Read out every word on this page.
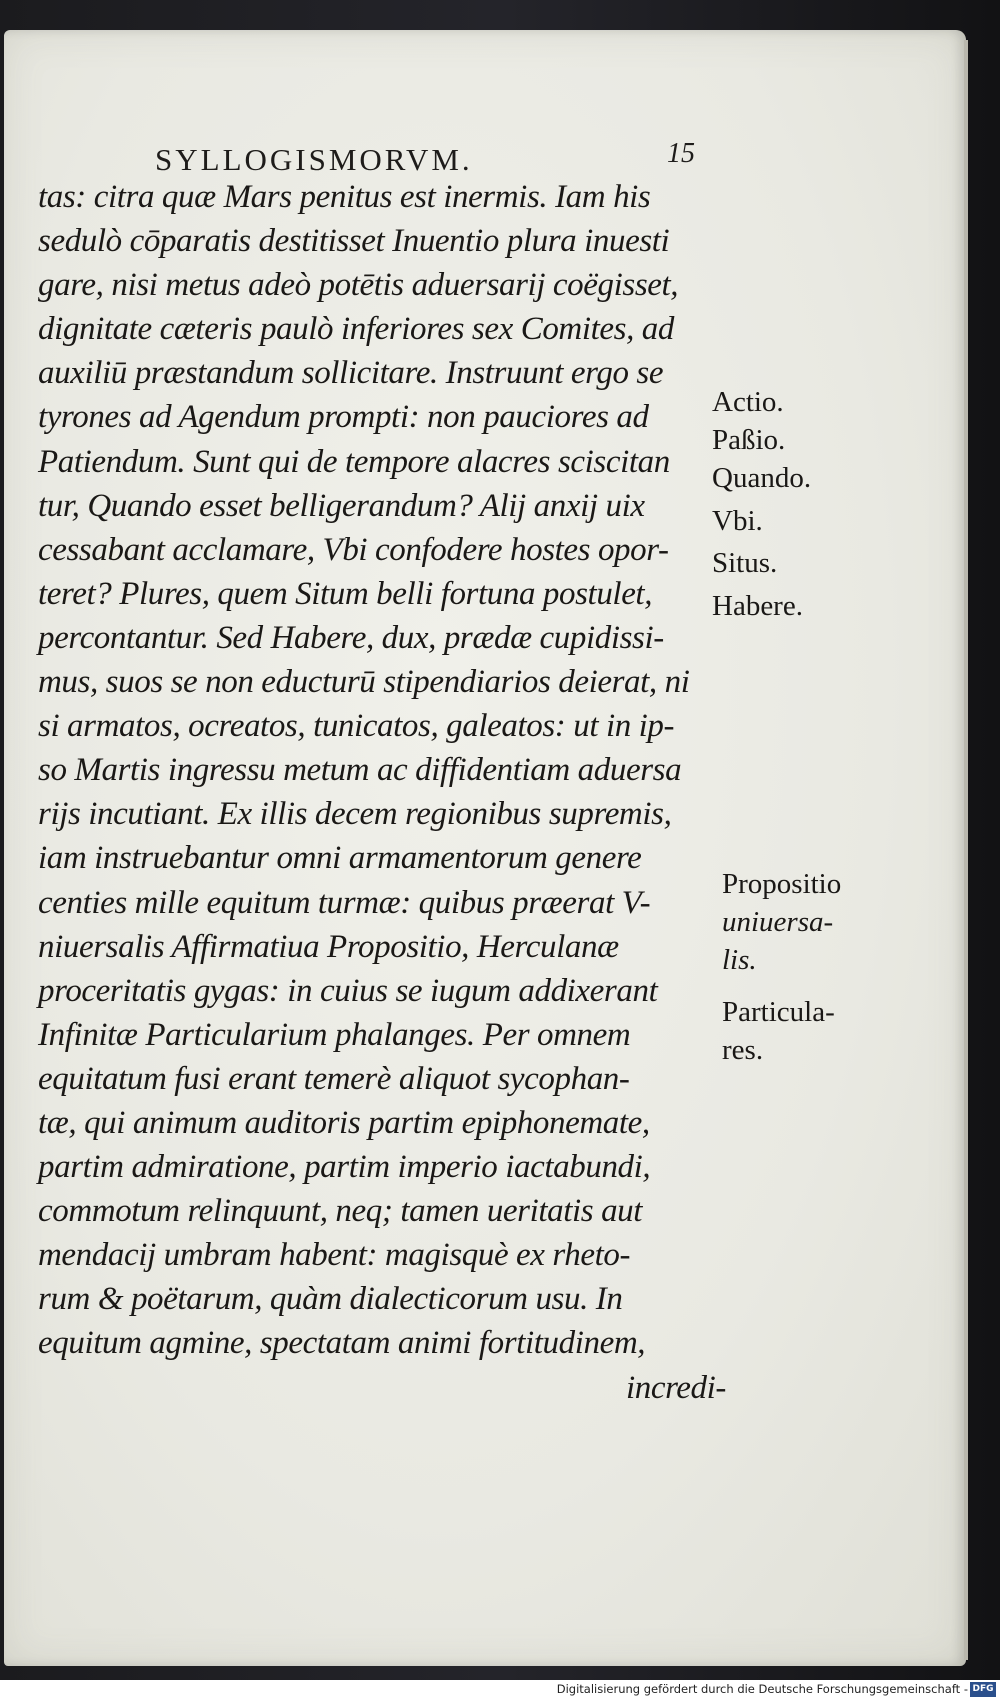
SYLLOGISMORVM.	15
tas: citra quæ Mars penitus est inermis. Iam his
sedulò cōparatis destitisset Inuentio plura inuesti
gare, nisi metus adeò potētis aduersarij coëgisset,
dignitate cæteris paulò inferiores sex Comites, ad
auxiliū præstandum sollicitare. Instruunt ergo se
tyrones ad Agendum prompti: non pauciores ad
Patiendum. Sunt qui de tempore alacres sciscitan
tur, Quando esset belligerandum? Alij anxij uix
cessabant acclamare, Vbi confodere hostes opor-
teret? Plures, quem Situm belli fortuna postulet,
percontantur. Sed Habere, dux, prædæ cupidissi-
mus, suos se non educturū stipendiarios deierat, ni
si armatos, ocreatos, tunicatos, galeatos: ut in ip-
so Martis ingressu metum ac diffidentiam aduersa
rijs incutiant. Ex illis decem regionibus supremis,
iam instruebantur omni armamentorum genere
centies mille equitum turmæ: quibus præerat V-
niuersalis Affirmatiua Propositio, Herculanæ
proceritatis gygas: in cuius se iugum addixerant
Infinitæ Particularium phalanges. Per omnem
equitatum fusi erant temerè aliquot sycophan-
tæ, qui animum auditoris partim epiphonemate,
partim admiratione, partim imperio iactabundi,
commotum relinquunt, neq; tamen ueritatis aut
mendacij umbram habent: magisquè ex rheto-
rum & poëtarum, quàm dialecticorum usu. In
equitum agmine, spectatam animi fortitudinem,
incredi-
Actio.
Paßio.
Quando.
Vbi.
Situs.
Habere.
Propositio
uniuersa-
lis.
Particula-
res.
Digitalisierung gefördert durch die Deutsche Forschungsgemeinschaft - DFG
